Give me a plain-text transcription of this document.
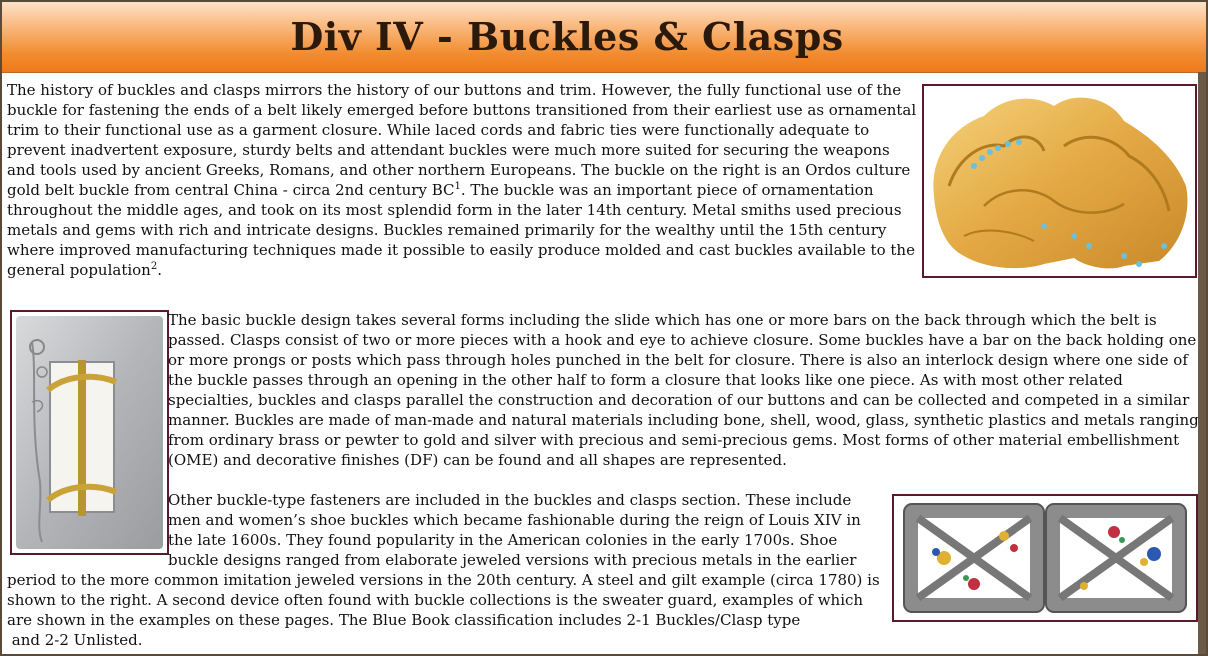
Div IV - Buckles & Clasps
The history of buckles and clasps mirrors the history of our buttons and trim. However, the fully functional use of the buckle for fastening the ends of a belt likely emerged before buttons transitioned from their earliest use as ornamental trim to their functional use as a garment closure. While laced cords and fabric ties were functionally adequate to prevent inadvertent exposure, sturdy belts and attendant buckles were much more suited for securing the weapons and tools used by ancient Greeks, Romans, and other northern Europeans. The buckle on the right is an Ordos culture gold belt buckle from central China - circa 2nd century $BC^1$. The buckle was an important piece of ornamentation throughout the middle ages, and took on its most splendid form in the later 14th century. Metal smiths used precious metals and gems with rich and intricate designs. Buckles remained primarily for the wealthy until the 15th century where improved manufacturing techniques made it possible to easily produce molded and cast buckles available to the general population$^2$.
The basic buckle design takes several forms including the slide which has one or more bars on the back through which the belt is passed. Clasps consist of two or more pieces with a hook and eye to achieve closure. Some buckles have a bar on the back holding one or more prongs or posts which pass through holes punched in the belt for closure. There is also an interlock design where one side of the buckle passes through an opening in the other half to form a closure that looks like one piece. As with most other related specialties, buckles and clasps parallel the construction and decoration of our buttons and can be collected and competed in a similar manner. Buckles are made of man-made and natural materials including bone, shell, wood, glass, synthetic plastics and metals ranging from ordinary brass or pewter to gold and silver with precious and semi-precious gems. Most forms of other material embellishment (OME) and decorative finishes (DF) can be found and all shapes are represented.
Other buckle-type fasteners are included in the buckles and clasps section. These include men and women’s shoe buckles which became fashionable during the reign of Louis XIV in the late 1600s. They found popularity in the American colonies in the early 1700s. Shoe buckle designs ranged from elaborate jeweled versions with precious metals in the earlier
period to the more common imitation jeweled versions in the 20th century. A steel and gilt example (circa 1780) is shown to the right. A second device often found with buckle collections is the sweater guard, examples of which are shown in the examples on these pages. The Blue Book classification includes 2-1 Buckles/Clasp type
and 2-2 Unlisted.
